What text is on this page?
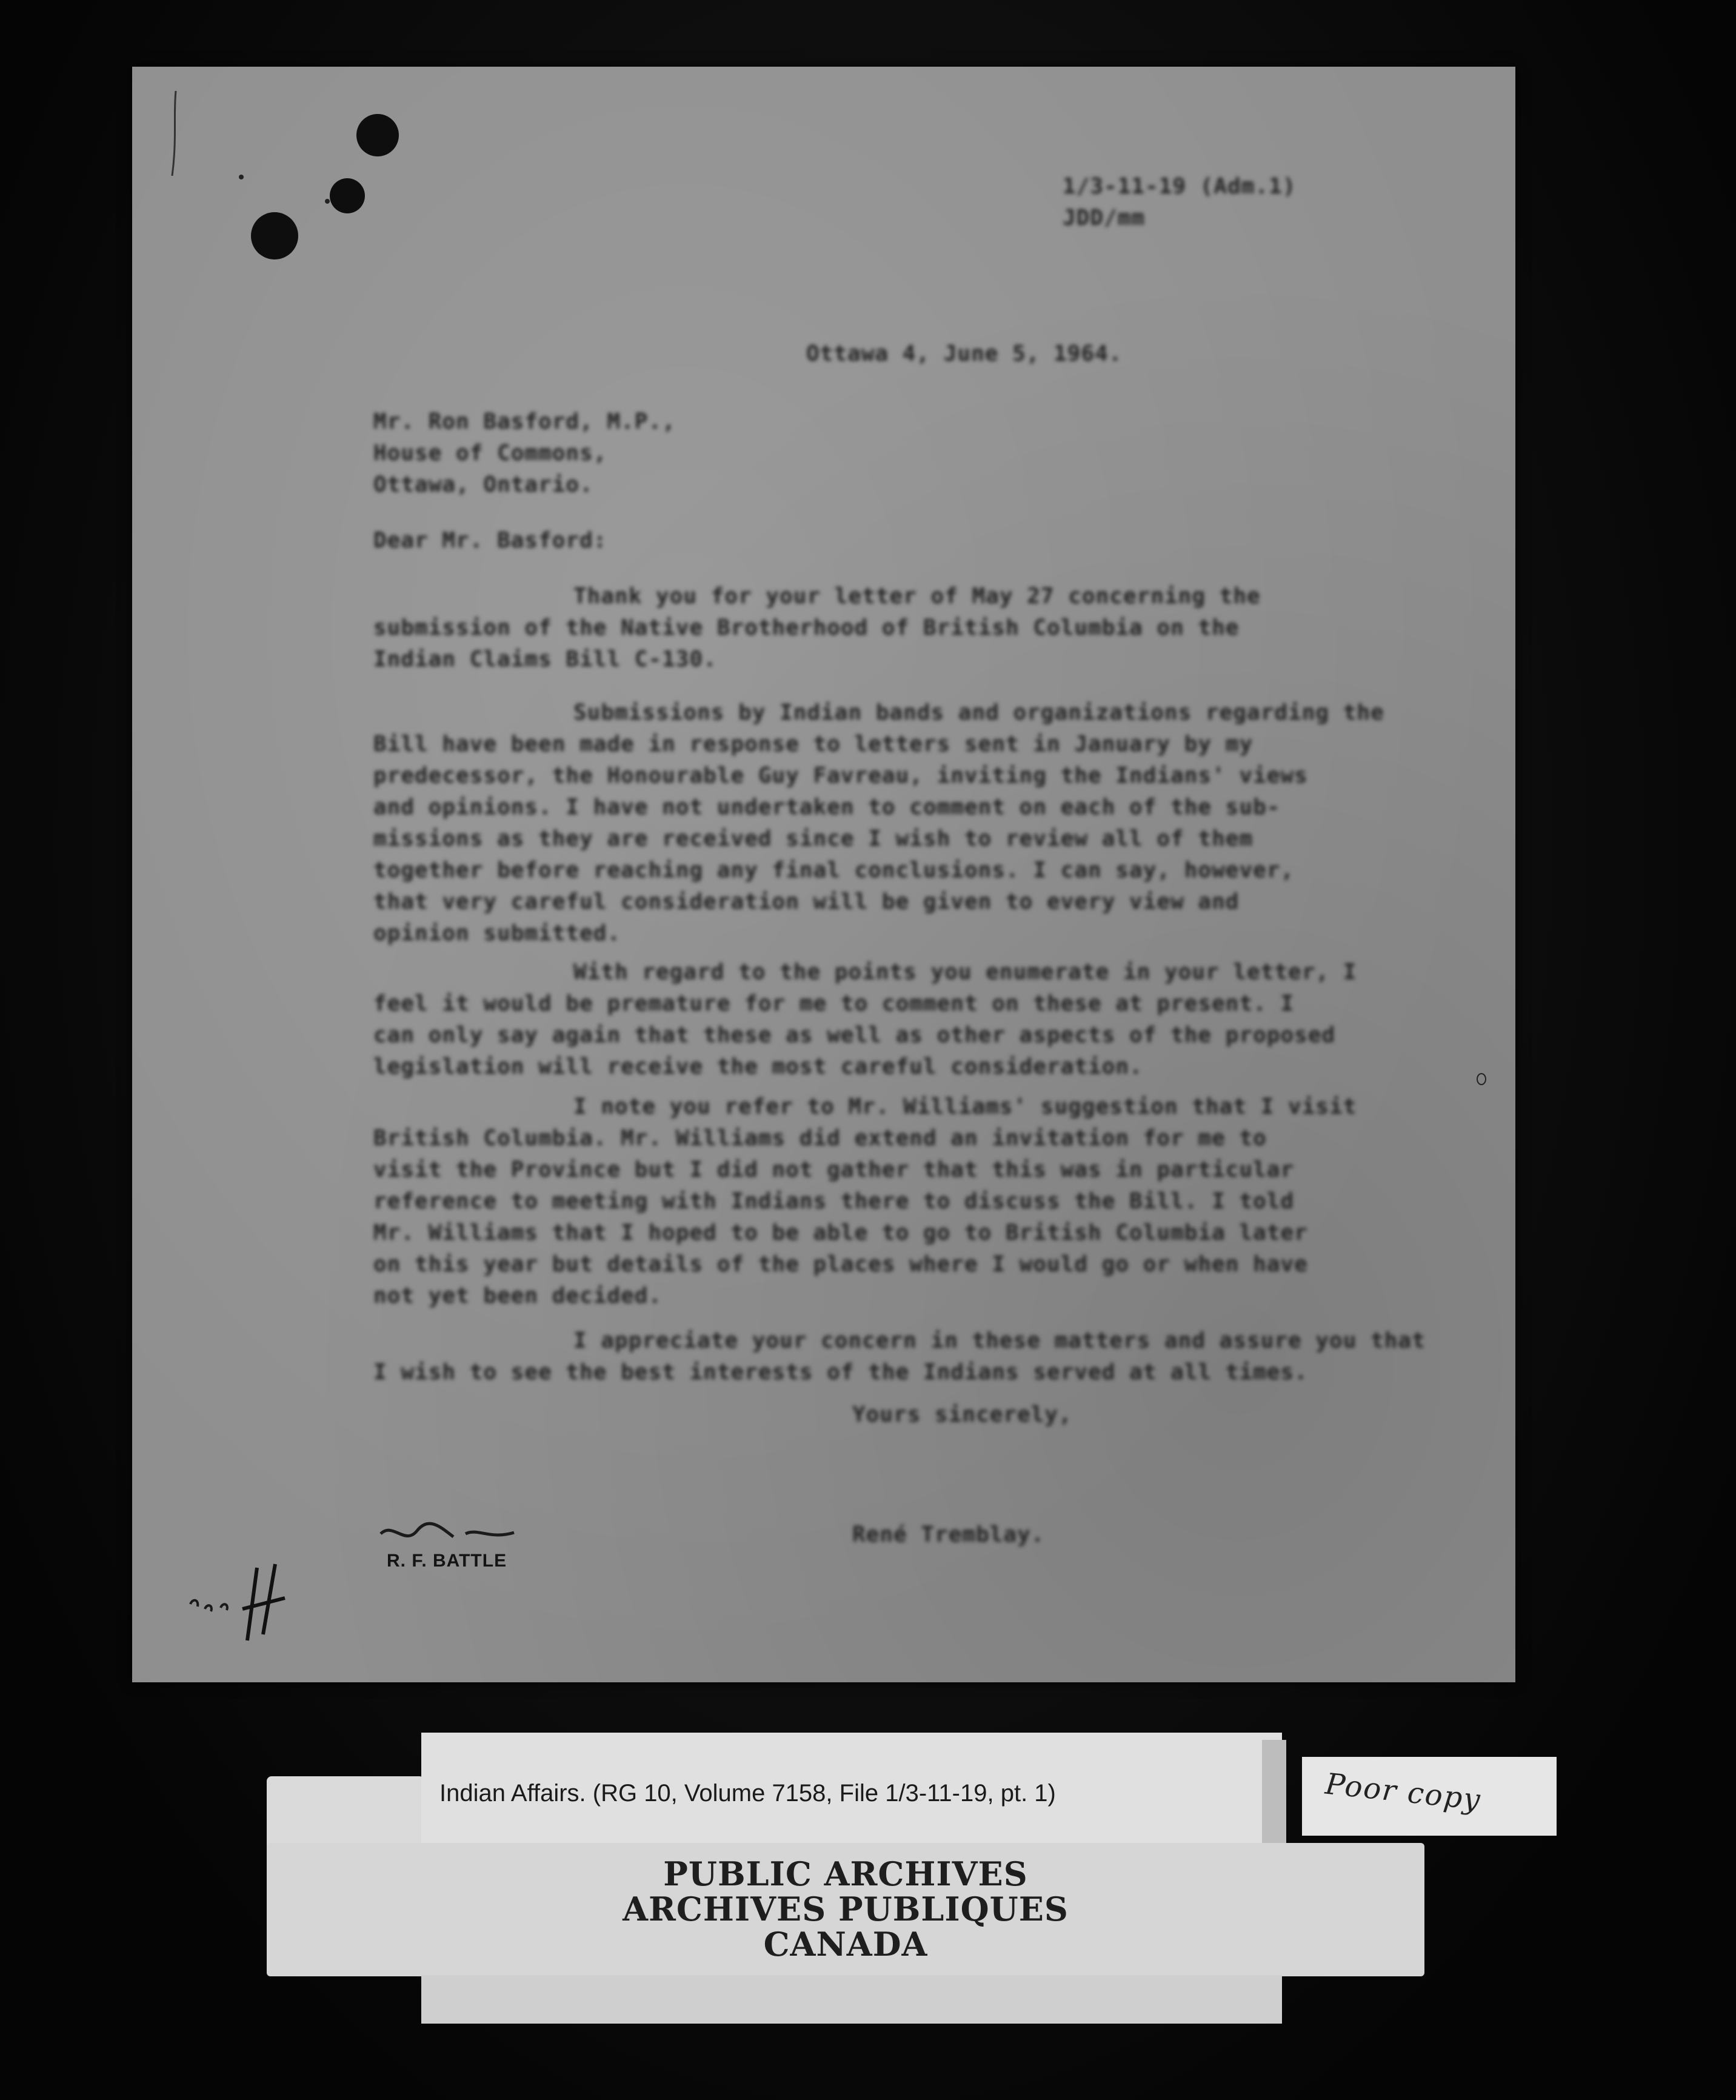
1/3-11-19 (Adm.1)
JDD/mm
Ottawa 4, June 5, 1964.
Mr. Ron Basford, M.P.,
House of Commons,
Ottawa, Ontario.
Dear Mr. Basford:
Thank you for your letter of May 27 concerning the
submission of the Native Brotherhood of British Columbia on the
Indian Claims Bill C-130.
Submissions by Indian bands and organizations regarding the
Bill have been made in response to letters sent in January by my
predecessor, the Honourable Guy Favreau, inviting the Indians' views
and opinions. I have not undertaken to comment on each of the sub-
missions as they are received since I wish to review all of them
together before reaching any final conclusions. I can say, however,
that very careful consideration will be given to every view and
opinion submitted.
With regard to the points you enumerate in your letter, I
feel it would be premature for me to comment on these at present. I
can only say again that these as well as other aspects of the proposed
legislation will receive the most careful consideration.
I note you refer to Mr. Williams' suggestion that I visit
British Columbia. Mr. Williams did extend an invitation for me to
visit the Province but I did not gather that this was in particular
reference to meeting with Indians there to discuss the Bill. I told
Mr. Williams that I hoped to be able to go to British Columbia later
on this year but details of the places where I would go or when have
not yet been decided.
I appreciate your concern in these matters and assure you that
I wish to see the best interests of the Indians served at all times.
Yours sincerely,
René Tremblay.
R. F. BATTLE
Indian Affairs. (RG 10, Volume 7158, File 1/3-11-19, pt. 1)	Poor copy
PUBLIC ARCHIVES
ARCHIVES PUBLIQUES
CANADA
